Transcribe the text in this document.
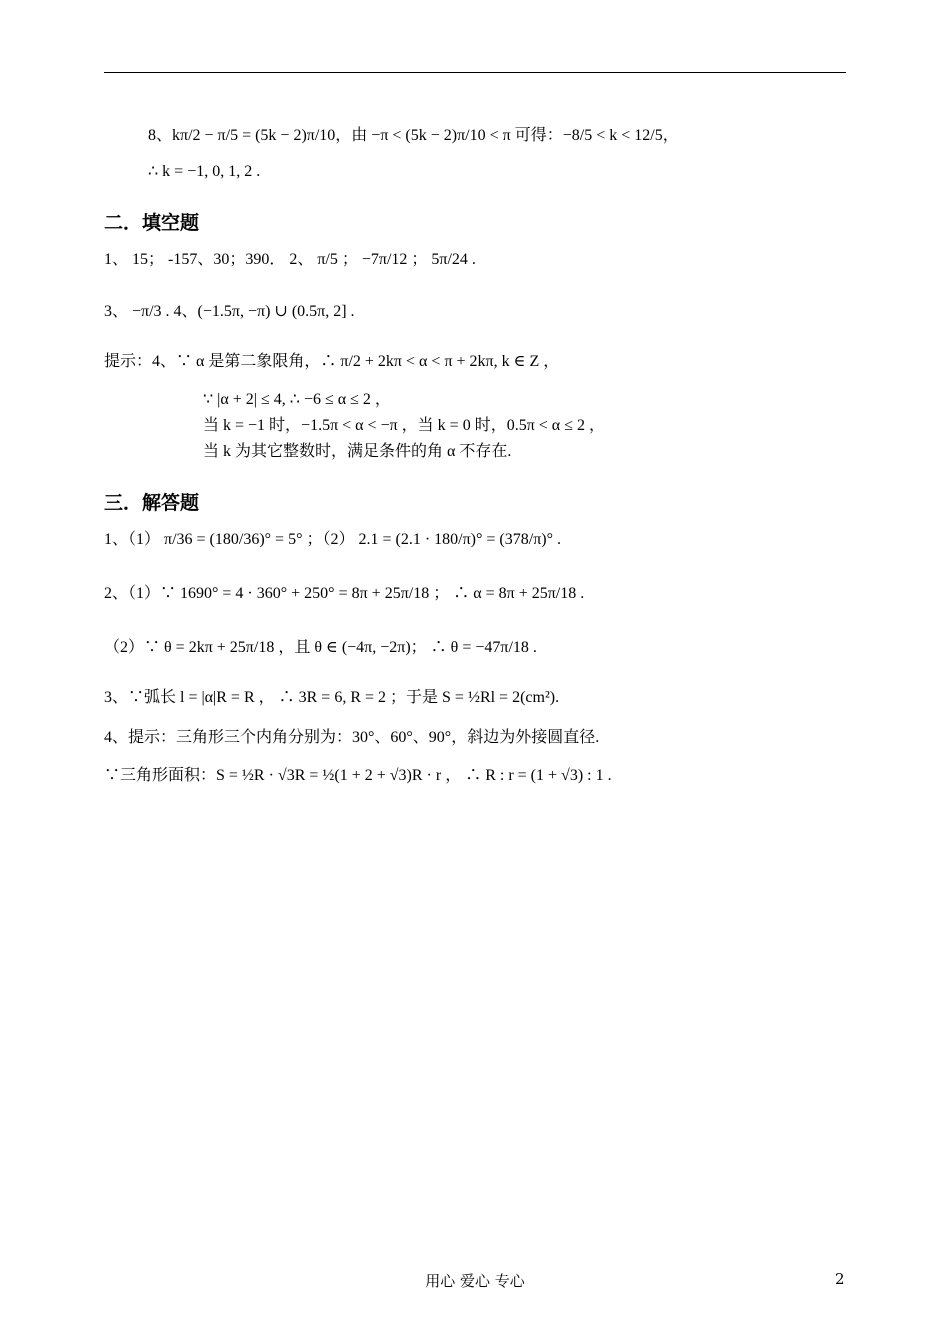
8、kπ/2 − π/5 = (5k − 2)π/10，由 −π < (5k − 2)π/10 < π 可得：−8/5 < k < 12/5，
∴ k = −1, 0, 1, 2 .
二．填空题
1、 15； -157、30；390． 2、 π/5 ； −7π/12 ； 5π/24 .
3、 −π/3 . 4、(−1.5π, −π) ∪ (0.5π, 2] .
提示：4、∵ α 是第二象限角，∴ π/2 + 2kπ < α < π + 2kπ, k ∈ Z ，
∵ |α + 2| ≤ 4, ∴ −6 ≤ α ≤ 2 ，
当 k = −1 时，−1.5π < α < −π ，当 k = 0 时，0.5π < α ≤ 2 ，
当 k 为其它整数时，满足条件的角 α 不存在.
三．解答题
1、（1） π/36 = (180/36)° = 5° ；（2） 2.1 = (2.1 · 180/π)° = (378/π)° .
2、（1）∵ 1690° = 4 · 360° + 250° = 8π + 25π/18 ； ∴ α = 8π + 25π/18 .
（2）∵ θ = 2kπ + 25π/18 ，且 θ ∈ (−4π, −2π)； ∴ θ = −47π/18 .
3、∵弧长 l = |α|R = R ， ∴ 3R = 6, R = 2 ；于是 S = ½Rl = 2(cm²).
4、提示：三角形三个内角分别为：30°、60°、90°，斜边为外接圆直径.
∵三角形面积：S = ½R · √3R = ½(1 + 2 + √3)R · r ， ∴ R : r = (1 + √3) : 1 .
用心 爱心 专心	2
